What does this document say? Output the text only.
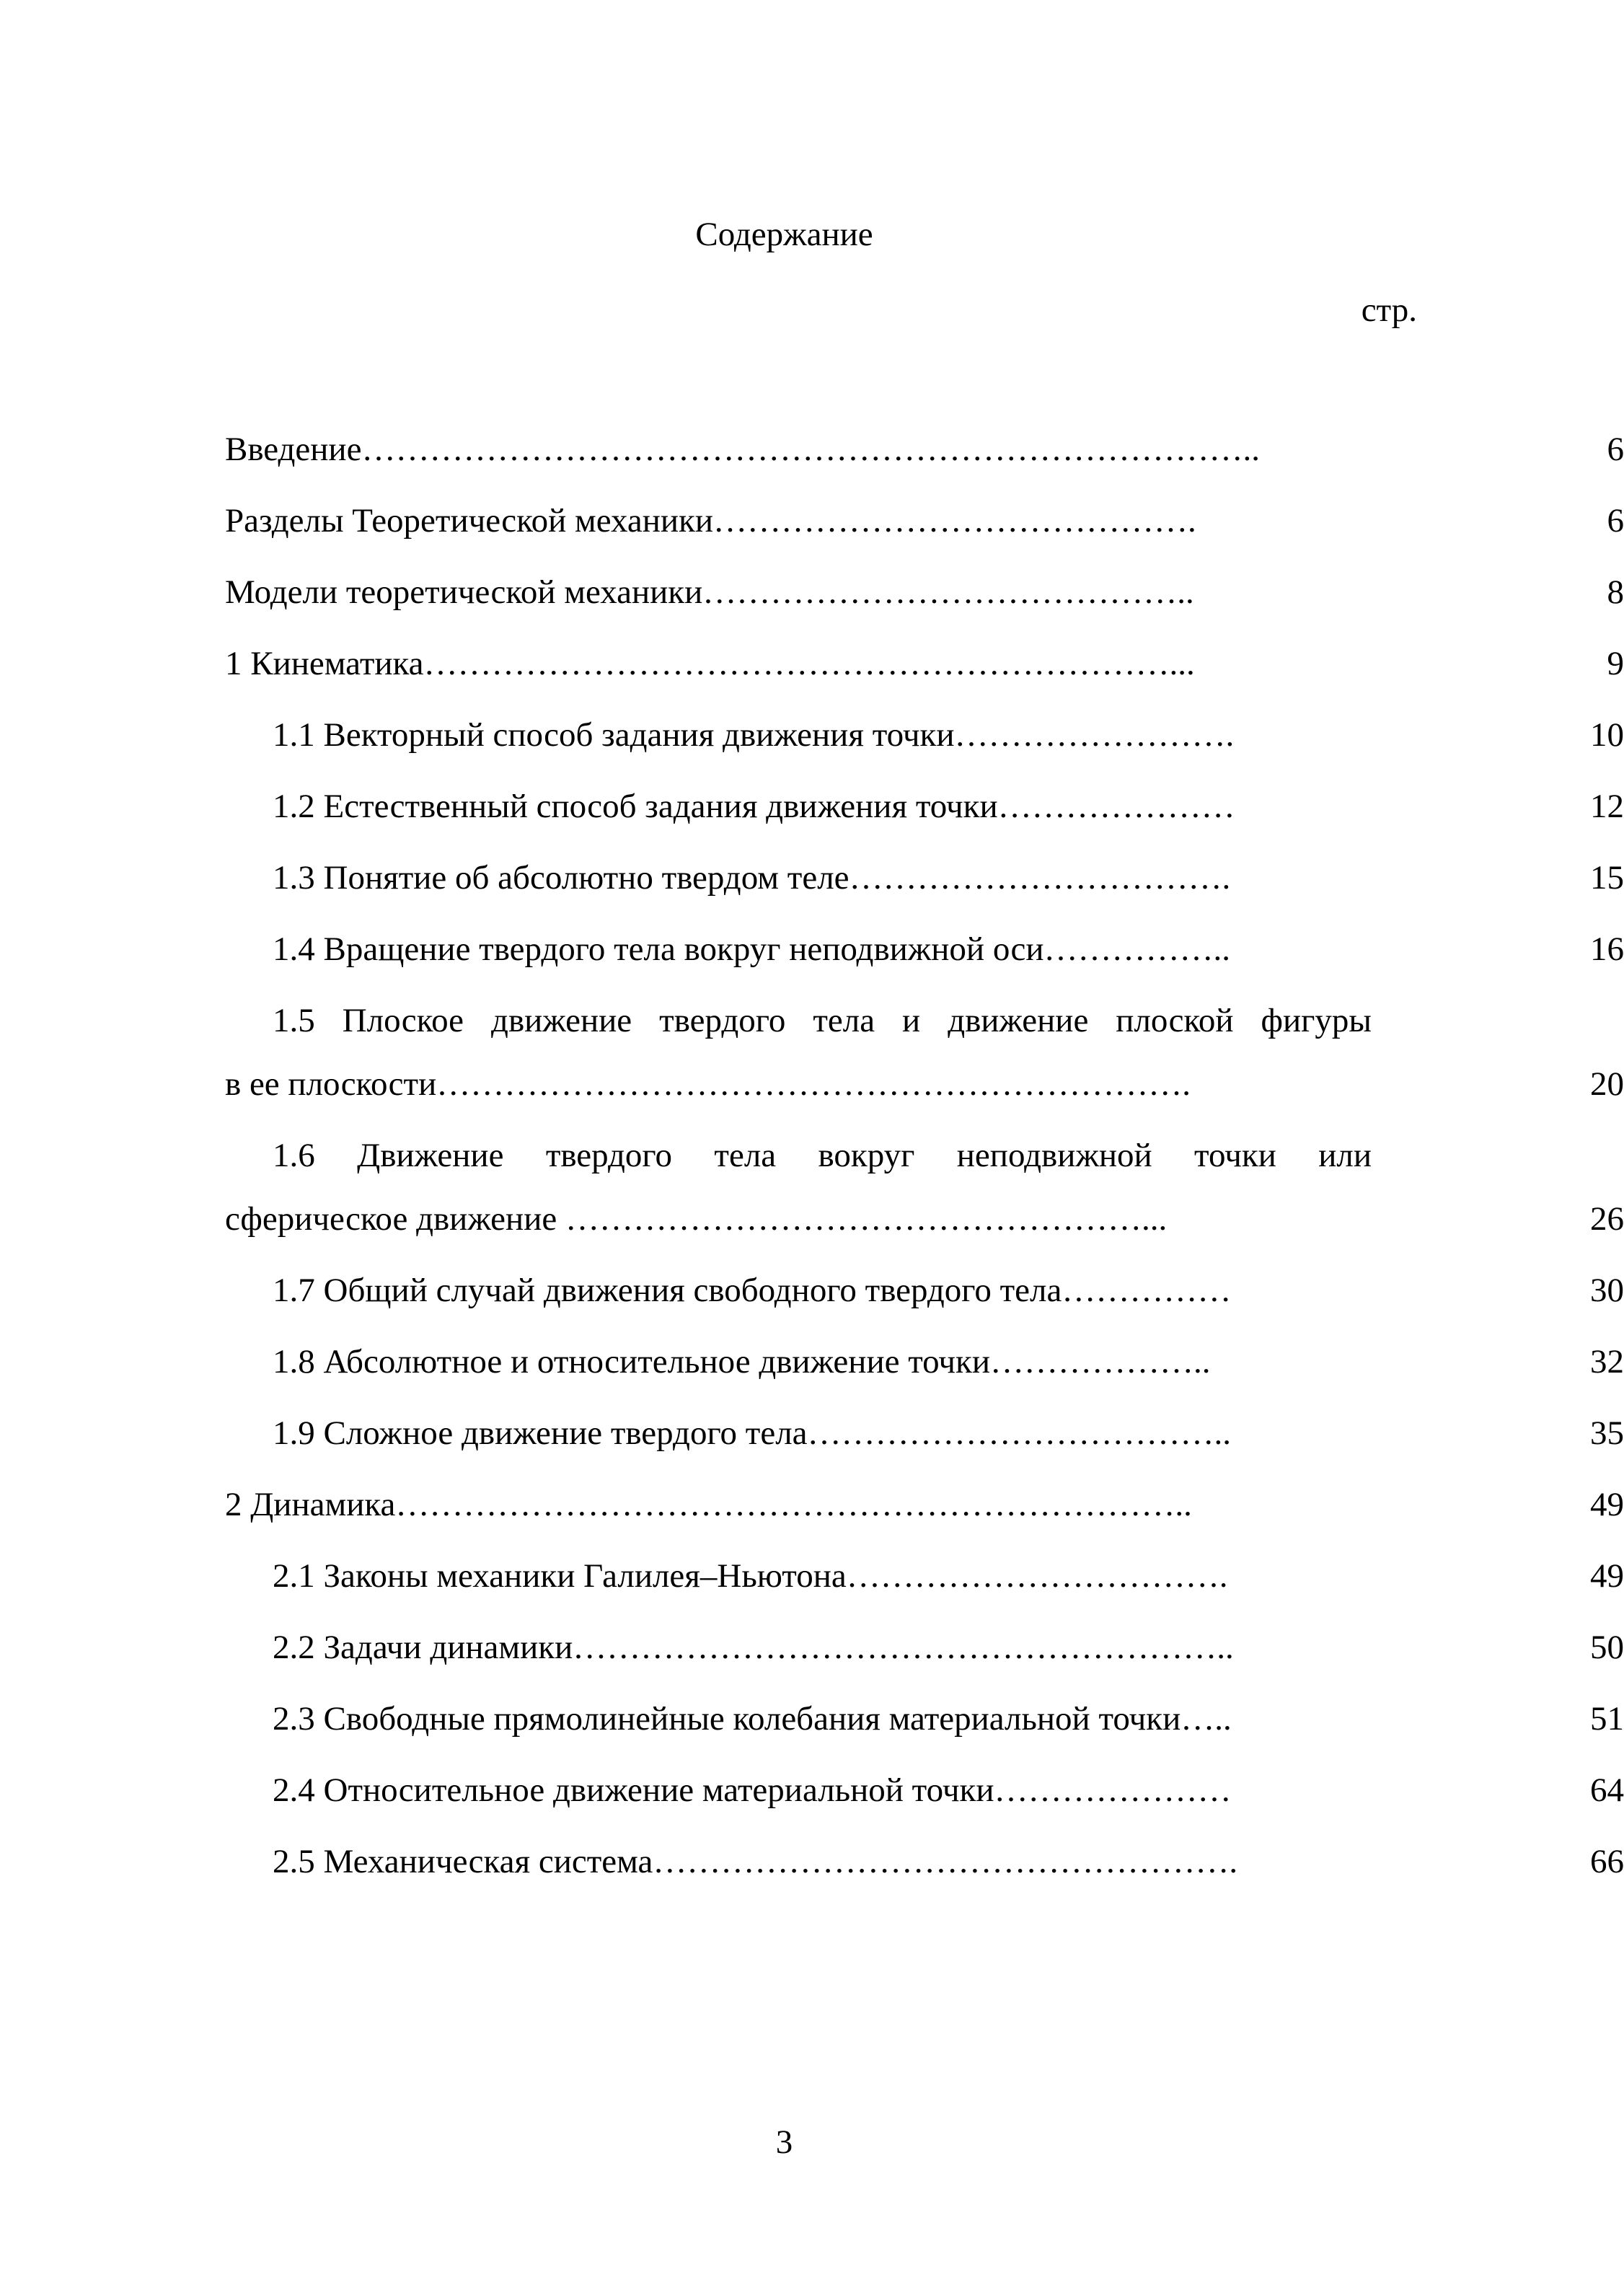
Содержание
стр.
Введение……………………………………………………………………..	6
Разделы Теоретической механики…………………………………….	6
Модели теоретической механики……………………………………..	8
1 Кинематика…………………………………………………………...	9
1.1 Векторный способ задания движения точки…………………….	10
1.2 Естественный способ задания движения точки…………………	12
1.3 Понятие об абсолютно твердом теле…………………………….	15
1.4 Вращение твердого тела вокруг неподвижной оси……………..	16
1.5 Плоское движение твердого тела и движение плоской фигуры
в ее плоскости………………………………………………………….	20
1.6 Движение твердого тела вокруг неподвижной точки или
сферическое движение ……………………………………………...	26
1.7 Общий случай движения свободного твердого тела……………	30
1.8 Абсолютное и относительное движение точки………………..	32
1.9 Сложное движение твердого тела………………………………..	35
2 Динамика……………………………………………………………..	49
2.1 Законы механики Галилея–Ньютона…………………………….	49
2.2 Задачи динамики…………………………………………………..	50
2.3 Свободные прямолинейные колебания материальной точки…..	51
2.4 Относительное движение материальной точки…………………	64
2.5 Механическая система…………………………………………….	66
3
